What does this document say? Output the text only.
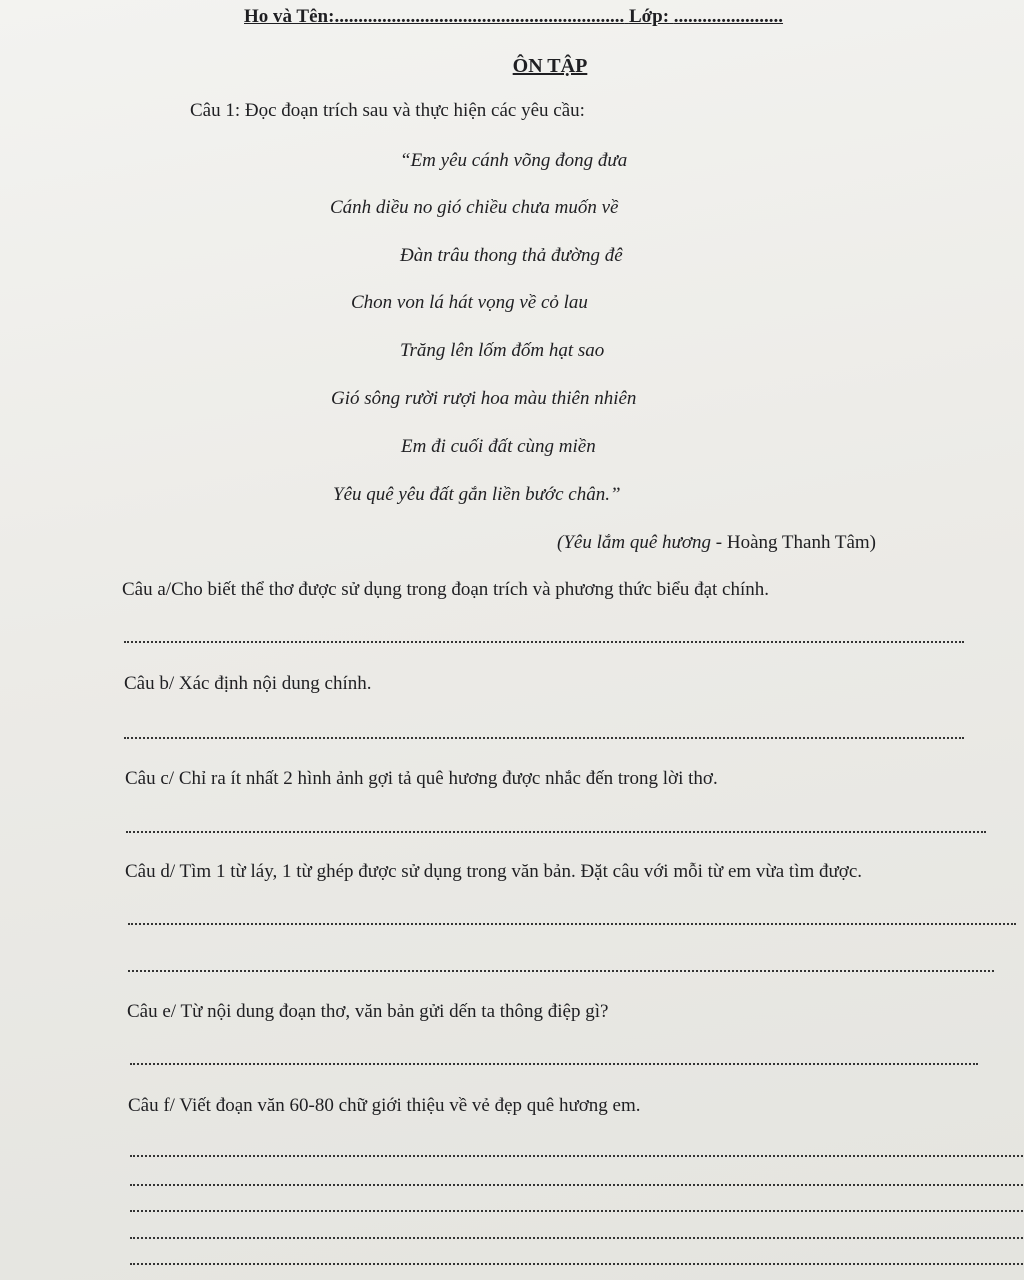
Ho và Tên:............................................................. Lớp: .......................
ÔN TẬP
Câu 1: Đọc đoạn trích sau và thực hiện các yêu cầu:
“Em yêu cánh võng đong đưa
Cánh diều no gió chiều chưa muốn về
Đàn trâu thong thả đường đê
Chon von lá hát vọng về cỏ lau
Trăng lên lốm đốm hạt sao
Gió sông rười rượi hoa màu thiên nhiên
Em đi cuối đất cùng miền
Yêu quê yêu đất gắn liền bước chân.”
(Yêu lắm quê hương - Hoàng Thanh Tâm)
Câu a/Cho biết thể thơ được sử dụng trong đoạn trích và phương thức biểu đạt chính.
Câu b/ Xác định nội dung chính.
Câu c/ Chỉ ra ít nhất 2 hình ảnh gợi tả quê hương được nhắc đến trong lời thơ.
Câu d/ Tìm 1 từ láy, 1 từ ghép được sử dụng trong văn bản. Đặt câu với mỗi từ em vừa tìm được.
Câu e/ Từ nội dung đoạn thơ, văn bản gửi dến ta thông điệp gì?
Câu f/ Viết đoạn văn 60-80 chữ giới thiệu về vẻ đẹp quê hương em.
